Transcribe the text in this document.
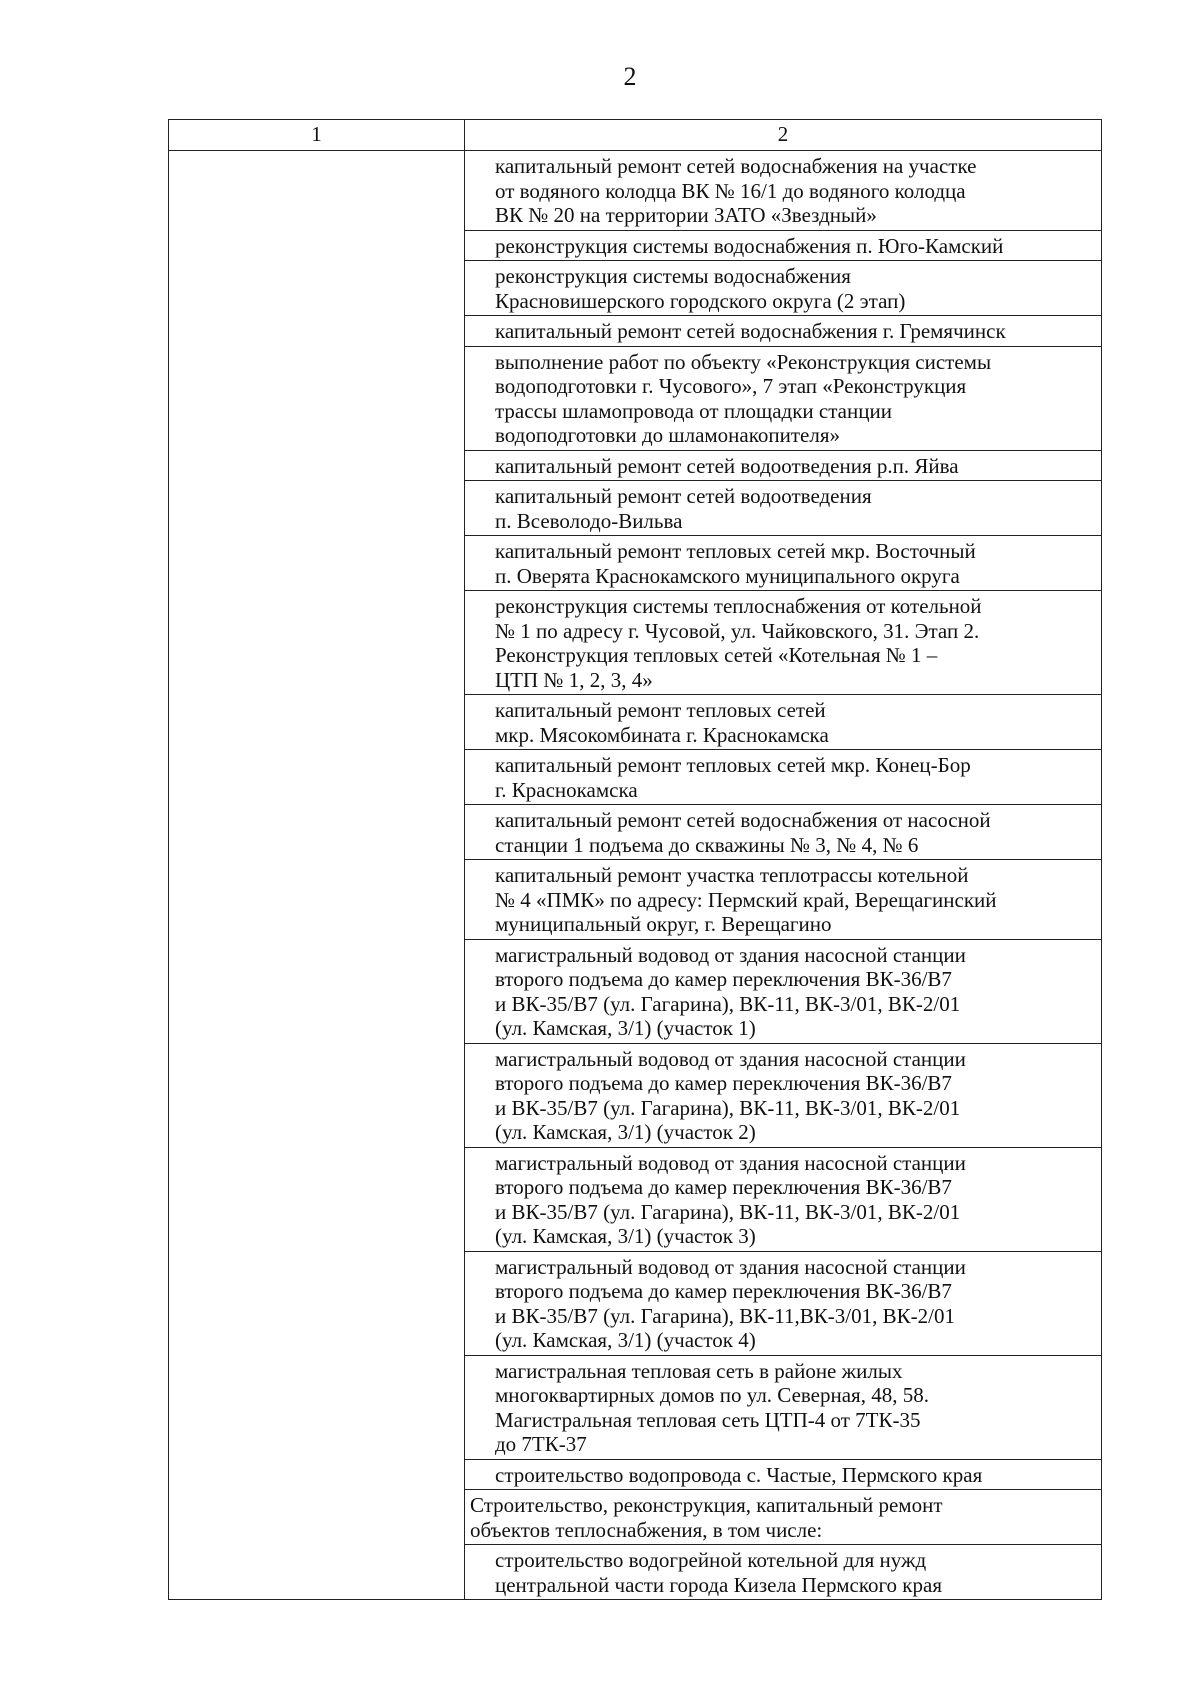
2
1	2
	капитальный ремонт сетей водоснабжения на участке
от водяного колодца ВК № 16/1 до водяного колодца
ВК № 20 на территории ЗАТО «Звездный»
	реконструкция системы водоснабжения п. Юго-Камский
	реконструкция системы водоснабжения
Красновишерского городского округа (2 этап)
	капитальный ремонт сетей водоснабжения г. Гремячинск
	выполнение работ по объекту «Реконструкция системы
водоподготовки г. Чусового», 7 этап «Реконструкция
трассы шламопровода от площадки станции
водоподготовки до шламонакопителя»
	капитальный ремонт сетей водоотведения р.п. Яйва
	капитальный ремонт сетей водоотведения
п. Всеволодо-Вильва
	капитальный ремонт тепловых сетей мкр. Восточный
п. Оверята Краснокамского муниципального округа
	реконструкция системы теплоснабжения от котельной
№ 1 по адресу г. Чусовой, ул. Чайковского, 31. Этап 2.
Реконструкция тепловых сетей «Котельная № 1 –
ЦТП № 1, 2, 3, 4»
	капитальный ремонт тепловых сетей
мкр. Мясокомбината г. Краснокамска
	капитальный ремонт тепловых сетей мкр. Конец-Бор
г. Краснокамска
	капитальный ремонт сетей водоснабжения от насосной
станции 1 подъема до скважины № 3, № 4, № 6
	капитальный ремонт участка теплотрассы котельной
№ 4 «ПМК» по адресу: Пермский край, Верещагинский
муниципальный округ, г. Верещагино
	магистральный водовод от здания насосной станции
второго подъема до камер переключения ВК-36/В7
и ВК-35/В7 (ул. Гагарина), ВК-11, ВК-3/01, ВК-2/01
(ул. Камская, 3/1) (участок 1)
	магистральный водовод от здания насосной станции
второго подъема до камер переключения ВК-36/В7
и ВК-35/В7 (ул. Гагарина), ВК-11, ВК-3/01, ВК-2/01
(ул. Камская, 3/1) (участок 2)
	магистральный водовод от здания насосной станции
второго подъема до камер переключения ВК-36/В7
и ВК-35/В7 (ул. Гагарина), ВК-11, ВК-3/01, ВК-2/01
(ул. Камская, 3/1) (участок 3)
	магистральный водовод от здания насосной станции
второго подъема до камер переключения ВК-36/В7
и ВК-35/В7 (ул. Гагарина), ВК-11,ВК-3/01, ВК-2/01
(ул. Камская, 3/1) (участок 4)
	магистральная тепловая сеть в районе жилых
многоквартирных домов по ул. Северная, 48, 58.
Магистральная тепловая сеть ЦТП-4 от 7ТК-35
до 7ТК-37
	строительство водопровода с. Частые, Пермского края
	Строительство, реконструкция, капитальный ремонт
объектов теплоснабжения, в том числе:
	строительство водогрейной котельной для нужд
центральной части города Кизела Пермского края
